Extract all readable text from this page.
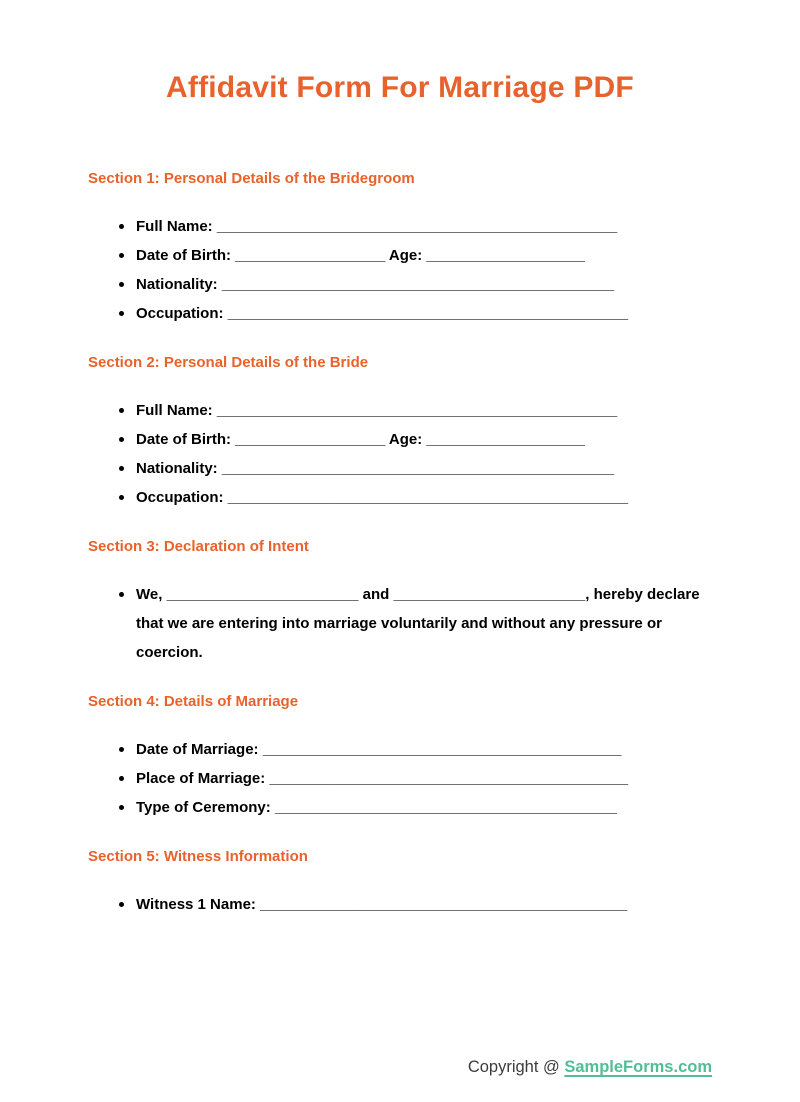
Affidavit Form For Marriage PDF
Section 1: Personal Details of the Bridegroom
Full Name: ________________________________________________
Date of Birth: __________________ Age: ___________________
Nationality: _______________________________________________
Occupation: ________________________________________________
Section 2: Personal Details of the Bride
Full Name: ________________________________________________
Date of Birth: __________________ Age: ___________________
Nationality: _______________________________________________
Occupation: ________________________________________________
Section 3: Declaration of Intent
We, _______________________ and _______________________, hereby declare that we are entering into marriage voluntarily and without any pressure or coercion.
Section 4: Details of Marriage
Date of Marriage: ___________________________________________
Place of Marriage: ___________________________________________
Type of Ceremony: _________________________________________
Section 5: Witness Information
Witness 1 Name: ____________________________________________
Copyright @ SampleForms.com
